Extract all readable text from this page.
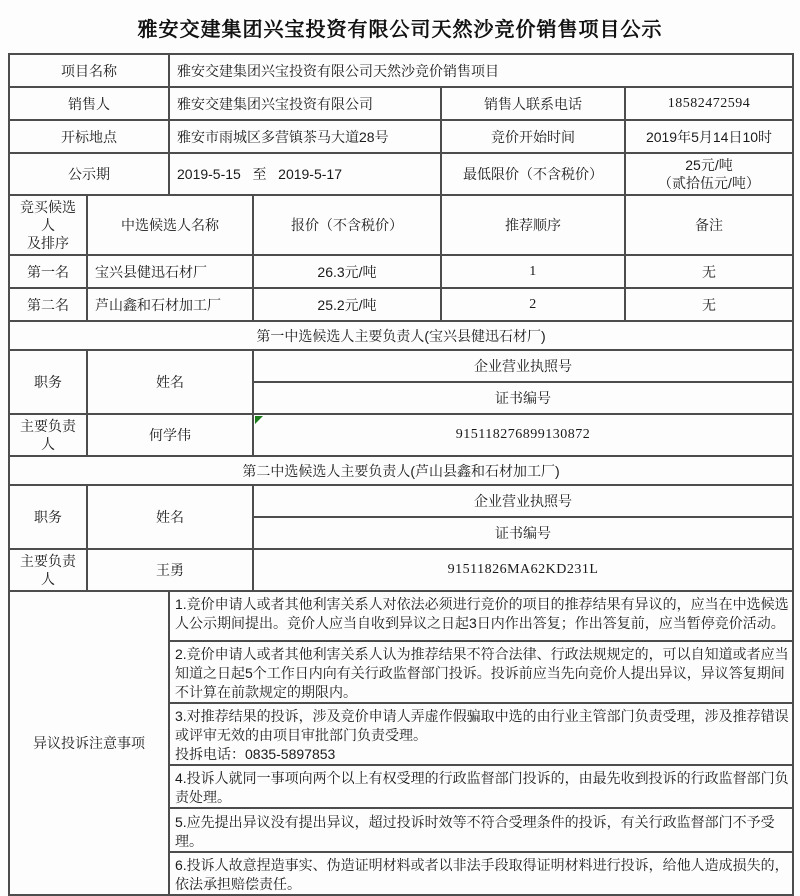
雅安交建集团兴宝投资有限公司天然沙竞价销售项目公示
项目名称		雅安交建集团兴宝投资有限公司天然沙竞价销售项目			
销售人		雅安交建集团兴宝投资有限公司		销售人联系电话	18582472594
开标地点		雅安市雨城区多营镇茶马大道28号		竞价开始时间	2019年5月14日10时
公示期		2019-5-15   至   2019-5-17		最低限价（不含税价）	25元/吨
（贰拾伍元/吨）

竞买候选人
及排序	中选候选人名称		报价（不含税价）	推荐顺序	备注
第一名	宝兴县健迅石材厂		26.3元/吨	1	无
第二名	芦山鑫和石材加工厂		25.2元/吨	2	无
第一中选候选人主要负责人(宝兴县健迅石材厂)					
职务	姓名		企业营业执照号		
			证书编号		
主要负责人	何学伟		915118276899130872		
第二中选候选人主要负责人(芦山县鑫和石材加工厂)					
职务	姓名		企业营业执照号		
			证书编号		
主要负责人	王勇		91511826MA62KD231L		
异议投诉注意事项	
1.竞价申请人或者其他利害关系人对依法必须进行竞价的项目的推荐结果有异议的，应当在中选候选人公示期间提出。竞价人应当自收到异议之日起3日内作出答复；作出答复前，应当暂停竞价活动。
2.竞价申请人或者其他利害关系人认为推荐结果不符合法律、行政法规规定的，可以自知道或者应当知道之日起5个工作日内向有关行政监督部门投诉。投诉前应当先向竞价人提出异议，异议答复期间不计算在前款规定的期限内。
3.对推荐结果的投诉，涉及竞价申请人弄虚作假骗取中选的由行业主管部门负责受理，涉及推荐错误或评审无效的由项目审批部门负责受理。
投拆电话：0835-5897853
4.投诉人就同一事项向两个以上有权受理的行政监督部门投诉的，由最先收到投诉的行政监督部门负责处理。
5.应先提出异议没有提出异议，超过投诉时效等不符合受理条件的投诉，有关行政监督部门不予受理。
6.投诉人故意捏造事实、伪造证明材料或者以非法手段取得证明材料进行投诉，给他人造成损失的，依法承担赔偿责任。
